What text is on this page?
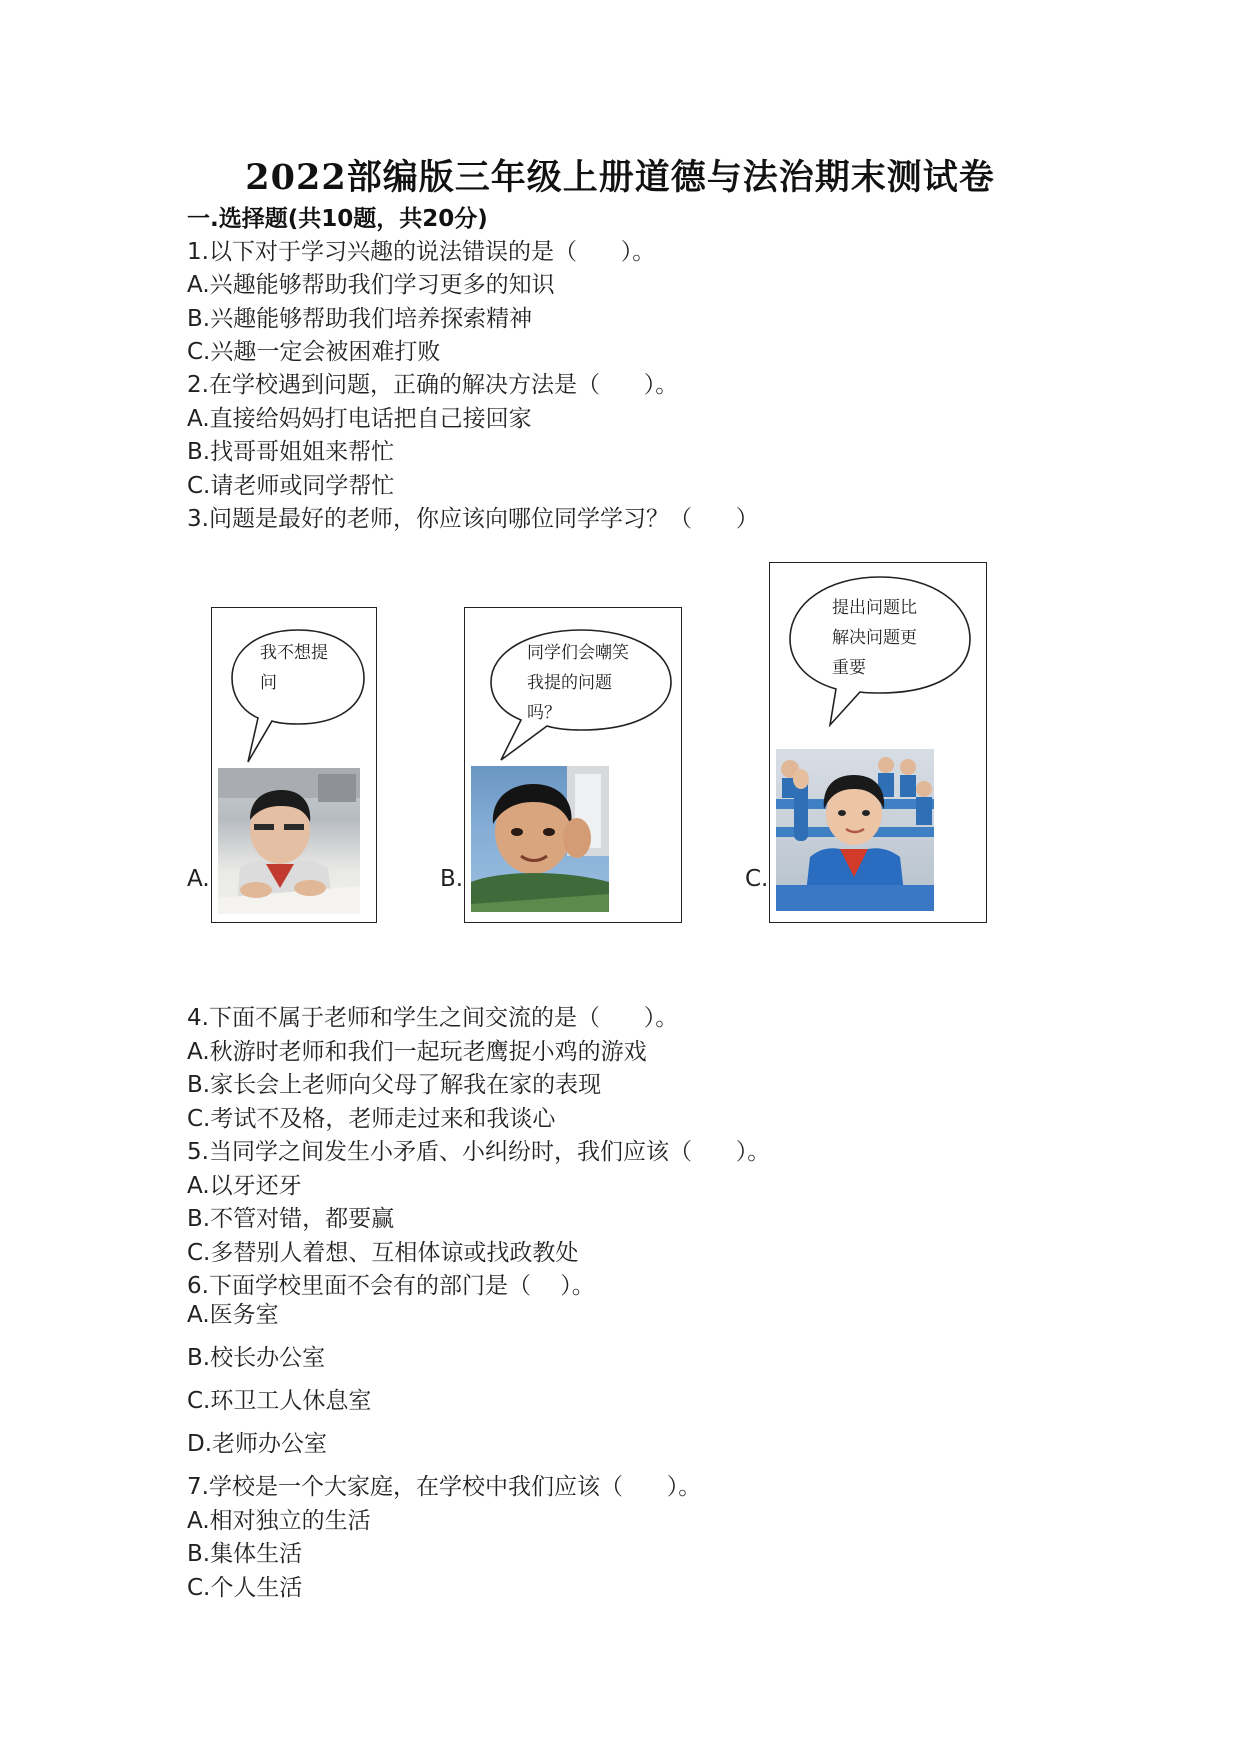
2022部编版三年级上册道德与法治期末测试卷
一.选择题(共10题，共20分)
1.以下对于学习兴趣的说法错误的是（      ）。
A.兴趣能够帮助我们学习更多的知识
B.兴趣能够帮助我们培养探索精神
C.兴趣一定会被困难打败
2.在学校遇到问题，正确的解决方法是（      ）。
A.直接给妈妈打电话把自己接回家
B.找哥哥姐姐来帮忙
C.请老师或同学帮忙
3.问题是最好的老师，你应该向哪位同学学习？（      ）
A.
我不想提
问
B.
同学们会嘲笑
我提的问题
吗？
C.
提出问题比
解决问题更
重要
4.下面不属于老师和学生之间交流的是（      ）。
A.秋游时老师和我们一起玩老鹰捉小鸡的游戏
B.家长会上老师向父母了解我在家的表现
C.考试不及格，老师走过来和我谈心
5.当同学之间发生小矛盾、小纠纷时，我们应该（      ）。
A.以牙还牙
B.不管对错，都要赢
C.多替别人着想、互相体谅或找政教处
6.下面学校里面不会有的部门是（    ）。
A.医务室
B.校长办公室
C.环卫工人休息室
D.老师办公室
7.学校是一个大家庭，在学校中我们应该（      ）。
A.相对独立的生活
B.集体生活
C.个人生活
